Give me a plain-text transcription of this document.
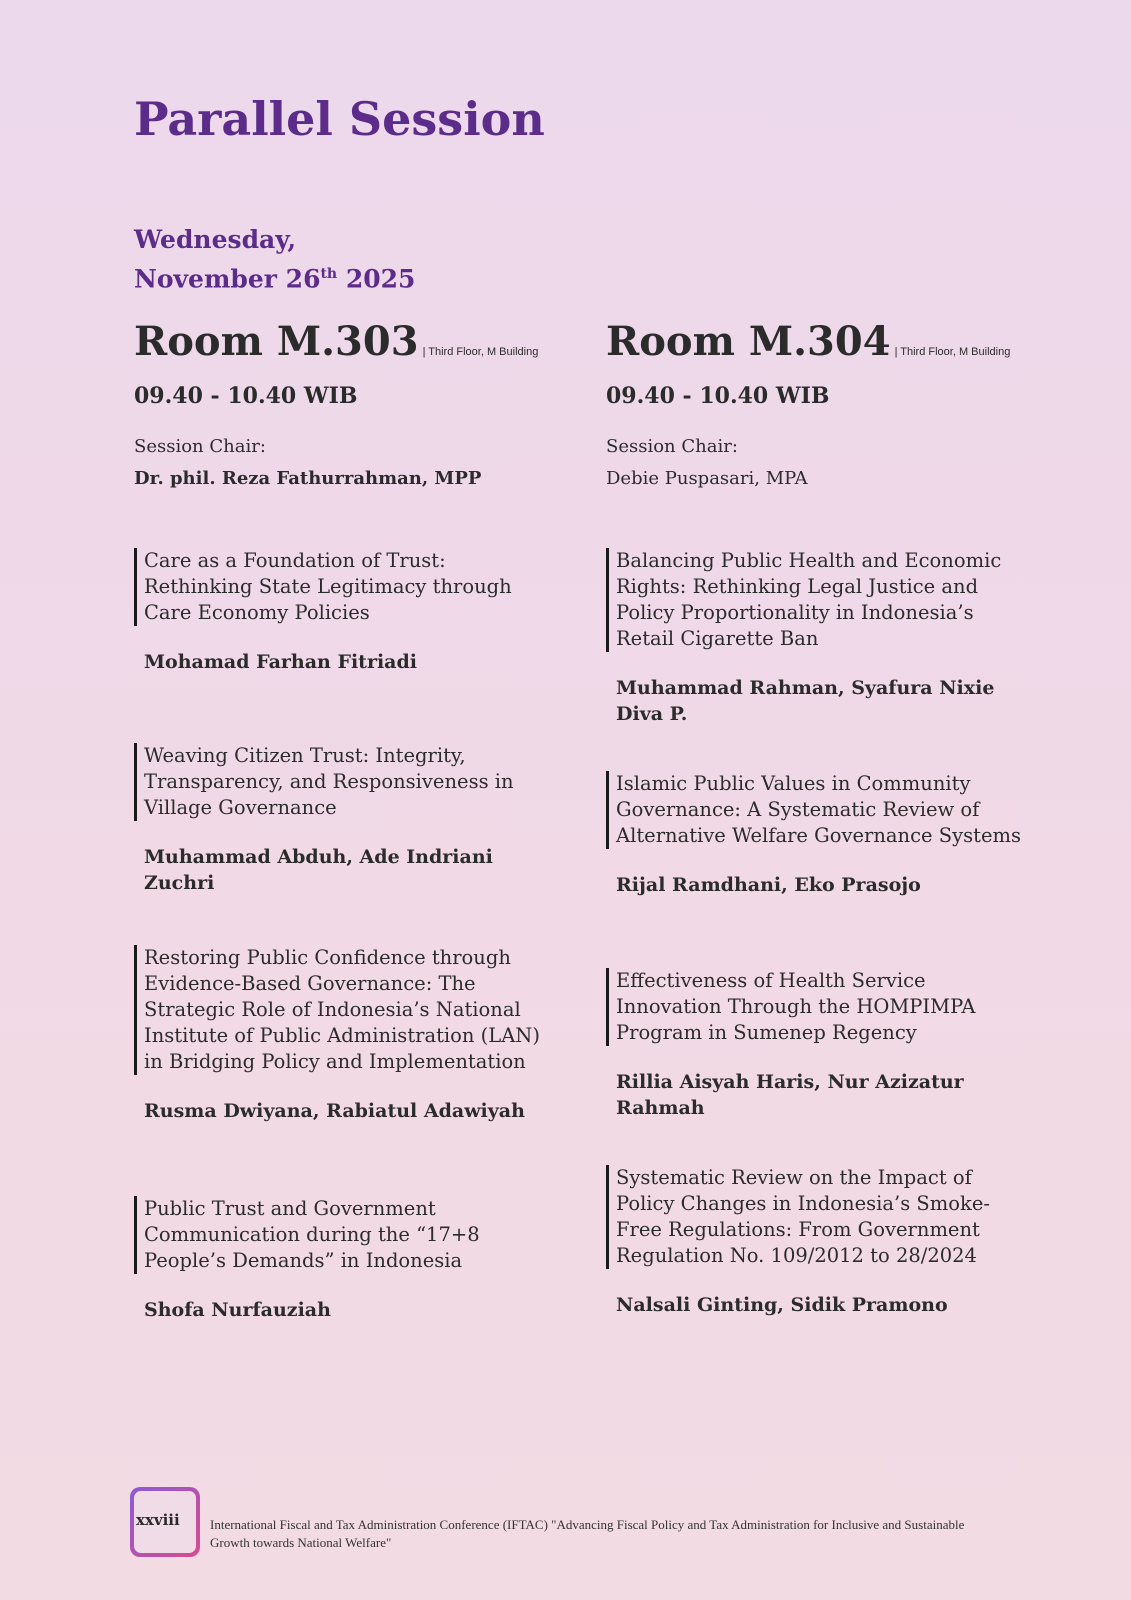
Parallel Session
Wednesday,
November 26th 2025
Room M.303 | Third Floor, M Building
09.40 - 10.40 WIB
Session Chair:
Dr. phil. Reza Fathurrahman, MPP
Care as a Foundation of Trust: Rethinking State Legitimacy through Care Economy Policies
Mohamad Farhan Fitriadi
Weaving Citizen Trust: Integrity, Transparency, and Responsiveness in Village Governance
Muhammad Abduh, Ade Indriani Zuchri
Restoring Public Confidence through Evidence-Based Governance: The Strategic Role of Indonesia’s National Institute of Public Administration (LAN) in Bridging Policy and Implementation
Rusma Dwiyana, Rabiatul Adawiyah
Public Trust and Government Communication during the “17+8 People’s Demands” in Indonesia
Shofa Nurfauziah
Room M.304 | Third Floor, M Building
09.40 - 10.40 WIB
Session Chair:
Debie Puspasari, MPA
Balancing Public Health and Economic Rights: Rethinking Legal Justice and Policy Proportionality in Indonesia’s Retail Cigarette Ban
Muhammad Rahman, Syafura Nixie Diva P.
Islamic Public Values in Community Governance: A Systematic Review of Alternative Welfare Governance Systems
Rijal Ramdhani, Eko Prasojo
Effectiveness of Health Service Innovation Through the HOMPIMPA Program in Sumenep Regency
Rillia Aisyah Haris, Nur Azizatur Rahmah
Systematic Review on the Impact of Policy Changes in Indonesia’s Smoke-Free Regulations: From Government Regulation No. 109/2012 to 28/2024
Nalsali Ginting, Sidik Pramono
xxviii International Fiscal and Tax Administration Conference (IFTAC) "Advancing Fiscal Policy and Tax Administration for Inclusive and Sustainable Growth towards National Welfare"
